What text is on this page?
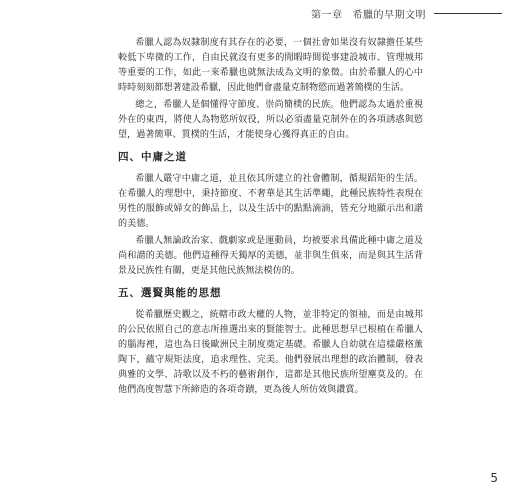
第一章 希臘的早期文明

希臘人認為奴隸制度有其存在的必要，一個社會如果沒有奴隸擔任某些較低下卑微的工作，自由民就沒有更多的閒暇時間從事建設城市、管理城邦等重要的工作，如此一來希臘也就無法成為文明的象徵。由於希臘人的心中時時刻刻都想著建設希臘，因此他們會盡量克制物慾而過著簡樸的生活。

總之，希臘人是個懂得守節度、崇尚簡樸的民族。他們認為太過於重視外在的東西，將使人為物慾所奴役，所以必須盡量克制外在的各項誘惑與慾望，過著簡單、質樸的生活，才能使身心獲得真正的自由。

四、中庸之道

希臘人嚴守中庸之道，並且依其所建立的社會體制，循規蹈矩的生活。在希臘人的理想中，秉持節度、不奢華是其生活準繩，此種民族特性表現在男性的服飾或婦女的飾品上，以及生活中的點點滴滴，皆充分地顯示出和諧的美德。

希臘人無論政治家、戲劇家或是運動員，均被要求具備此種中庸之道及尚和諧的美德。他們這種得天獨厚的美德，並非與生俱來，而是與其生活背景及民族性有關，更是其他民族無法模仿的。

五、選賢與能的思想

從希臘歷史觀之，統轄市政大權的人物，並非特定的領袖，而是由城邦的公民依照自己的意志所推選出來的賢能智士。此種思想早已根植在希臘人的腦海裡，這也為日後歐洲民主制度奠定基礎。希臘人自幼就在這樣嚴格薰陶下，蘊守規矩法度，追求理性、完美。他們發展出理想的政治體制，發表典雅的文學、詩歌以及不朽的藝術創作，這都是其他民族所望塵莫及的。在他們高度智慧下所締造的各項奇蹟，更為後人所仿效與讚賞。

5
